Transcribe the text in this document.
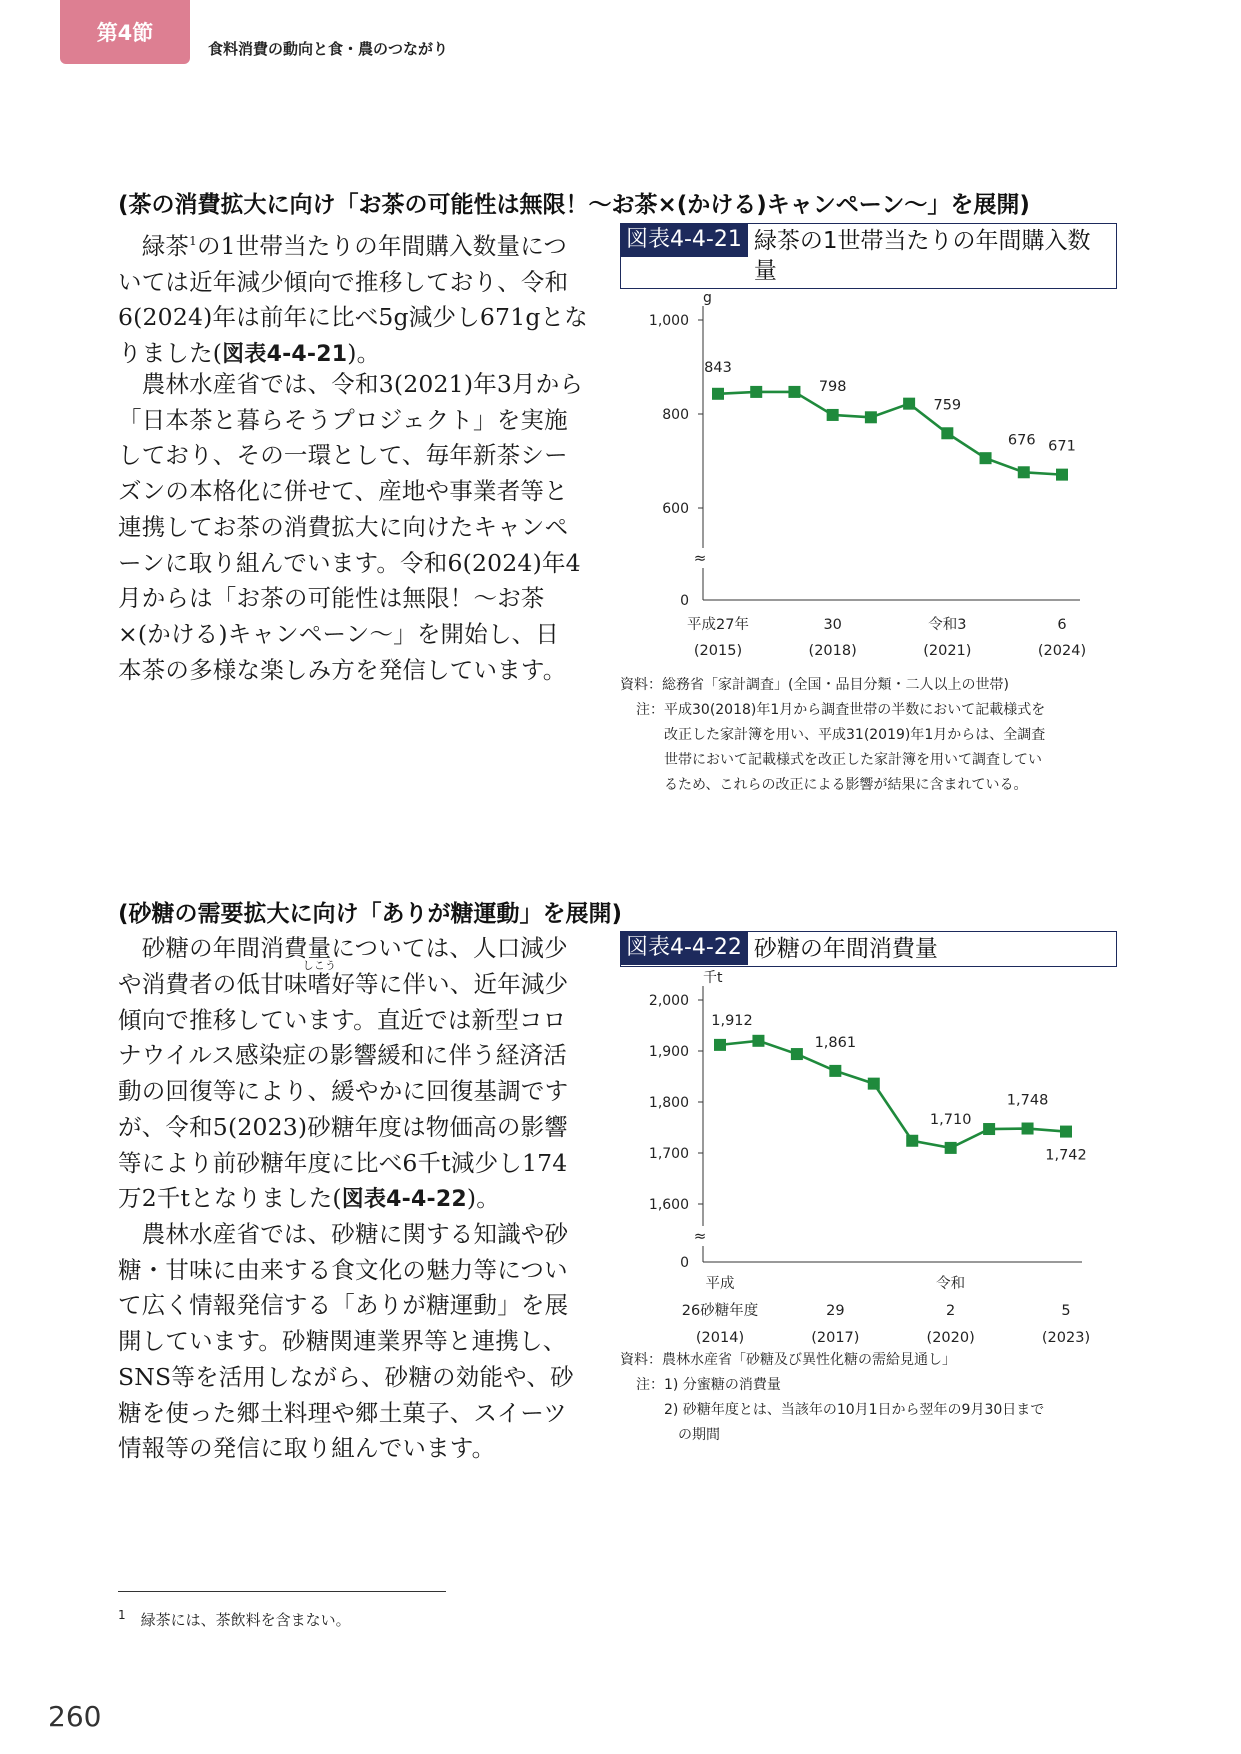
第4節
食料消費の動向と食・農のつながり
(茶の消費拡大に向け「お茶の可能性は無限！〜お茶×(かける)キャンペーン〜」を展開)
　緑茶$^1$の1世帯当たりの年間購入数量につ
いては近年減少傾向で推移しており、令和
6(2024)年は前年に比べ5g減少し671gとな
りました(図表4-4-21)。
　農林水産省では、令和3(2021)年3月から
「日本茶と暮らそうプロジェクト」を実施
しており、その一環として、毎年新茶シー
ズンの本格化に併せて、産地や事業者等と
連携してお茶の消費拡大に向けたキャンペ
ーンに取り組んでいます。令和6(2024)年4
月からは「お茶の可能性は無限！〜お茶
×(かける)キャンペーン〜」を開始し、日
本茶の多様な楽しみ方を発信しています。
図表4-4-21 緑茶の1世帯当たりの年間購入数量
≈
g
600
800
1,000
0
843
798
759
676 671
平成27年
(2015)
30
(2018)
令和3
(2021)
6
(2024)
資料：総務省「家計調査」(全国・品目分類・二人以上の世帯)
注：平成30(2018)年1月から調査世帯の半数において記載様式を
　　改正した家計簿を用い、平成31(2019)年1月からは、全調査
　　世帯において記載様式を改正した家計簿を用いて調査してい
　　るため、これらの改正による影響が結果に含まれている。
(砂糖の需要拡大に向け「ありが糖運動」を展開)
　砂糖の年間消費量については、人口減少
や消費者の低甘味嗜しこう好等に伴い、近年減少
傾向で推移しています。直近では新型コロ
ナウイルス感染症の影響緩和に伴う経済活
動の回復等により、緩やかに回復基調です
が、令和5(2023)砂糖年度は物価高の影響
等により前砂糖年度に比べ6千t減少し174
万2千tとなりました(図表4-4-22)。
　農林水産省では、砂糖に関する知識や砂
糖・甘味に由来する食文化の魅力等につい
て広く情報発信する「ありが糖運動」を展
開しています。砂糖関連業界等と連携し、
SNS等を活用しながら、砂糖の効能や、砂
糖を使った郷土料理や郷土菓子、スイーツ
情報等の発信に取り組んでいます。
図表4-4-22 砂糖の年間消費量
≈
千t
1,600
1,700
1,800
1,900
2,000
0
1,912
1,861
1,710
1,748
1,742
平成
26砂糖年度
(2014)
29
(2017)
令和
2
(2020)
5
(2023)
資料：農林水産省「砂糖及び異性化糖の需給見通し」
注：1) 分蜜糖の消費量
　　2) 砂糖年度とは、当該年の10月1日から翌年の9月30日まで
　　　の期間
$^1$　 緑茶には、茶飲料を含まない。
260
